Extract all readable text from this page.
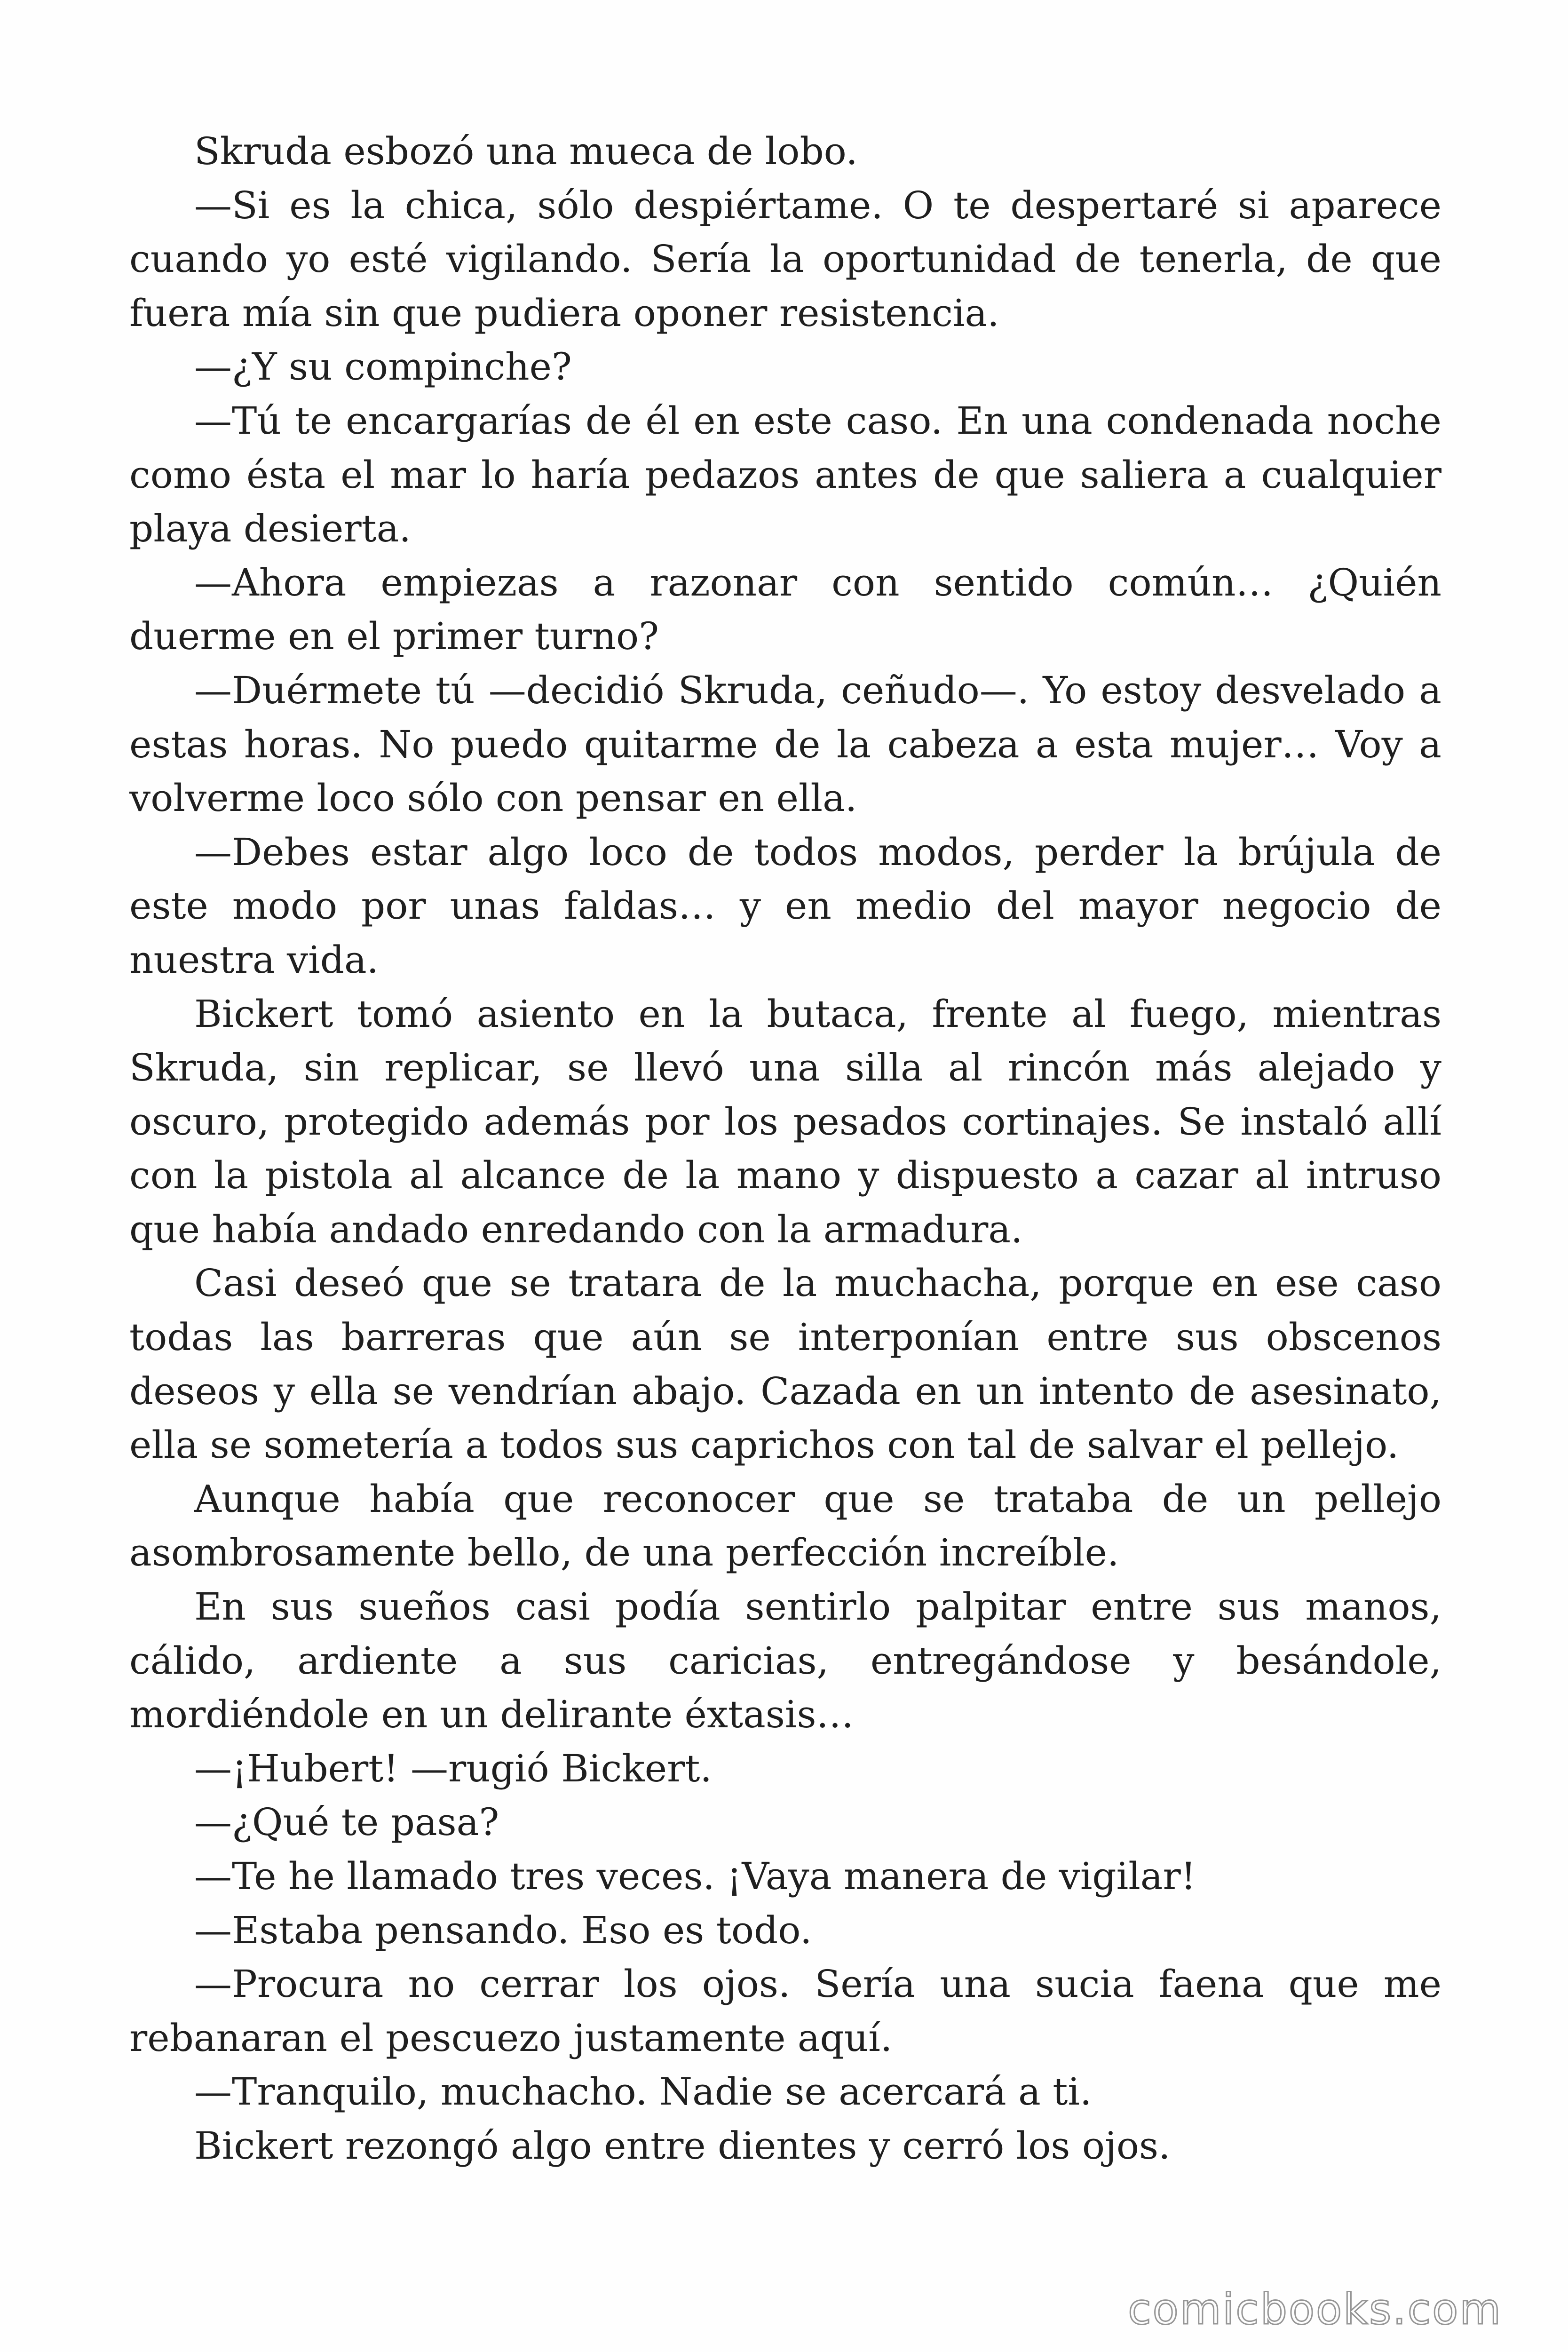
Skruda esbozó una mueca de lobo.

—Si es la chica, sólo despiértame. O te despertaré si aparece cuando yo esté vigilando. Sería la oportunidad de tenerla, de que fuera mía sin que pudiera oponer resistencia.

—¿Y su compinche?

—Tú te encargarías de él en este caso. En una condenada noche como ésta el mar lo haría pedazos antes de que saliera a cualquier playa desierta.

—Ahora empiezas a razonar con sentido común… ¿Quién duerme en el primer turno?

—Duérmete tú —decidió Skruda, ceñudo—. Yo estoy desvelado a estas horas. No puedo quitarme de la cabeza a esta mujer… Voy a volverme loco sólo con pensar en ella.

—Debes estar algo loco de todos modos, perder la brújula de este modo por unas faldas… y en medio del mayor negocio de nuestra vida.

Bickert tomó asiento en la butaca, frente al fuego, mientras Skruda, sin replicar, se llevó una silla al rincón más alejado y oscuro, protegido además por los pesados cortinajes. Se instaló allí con la pistola al alcance de la mano y dispuesto a cazar al intruso que había andado enredando con la armadura.

Casi deseó que se tratara de la muchacha, porque en ese caso todas las barreras que aún se interponían entre sus obscenos deseos y ella se vendrían abajo. Cazada en un intento de asesinato, ella se sometería a todos sus caprichos con tal de salvar el pellejo.

Aunque había que reconocer que se trataba de un pellejo asombrosamente bello, de una perfección increíble.

En sus sueños casi podía sentirlo palpitar entre sus manos, cálido, ardiente a sus caricias, entregándose y besándole, mordiéndole en un delirante éxtasis…

—¡Hubert! —rugió Bickert.

—¿Qué te pasa?

—Te he llamado tres veces. ¡Vaya manera de vigilar!

—Estaba pensando. Eso es todo.

—Procura no cerrar los ojos. Sería una sucia faena que me rebanaran el pescuezo justamente aquí.

—Tranquilo, muchacho. Nadie se acercará a ti.

Bickert rezongó algo entre dientes y cerró los ojos.

comicbooks.com
